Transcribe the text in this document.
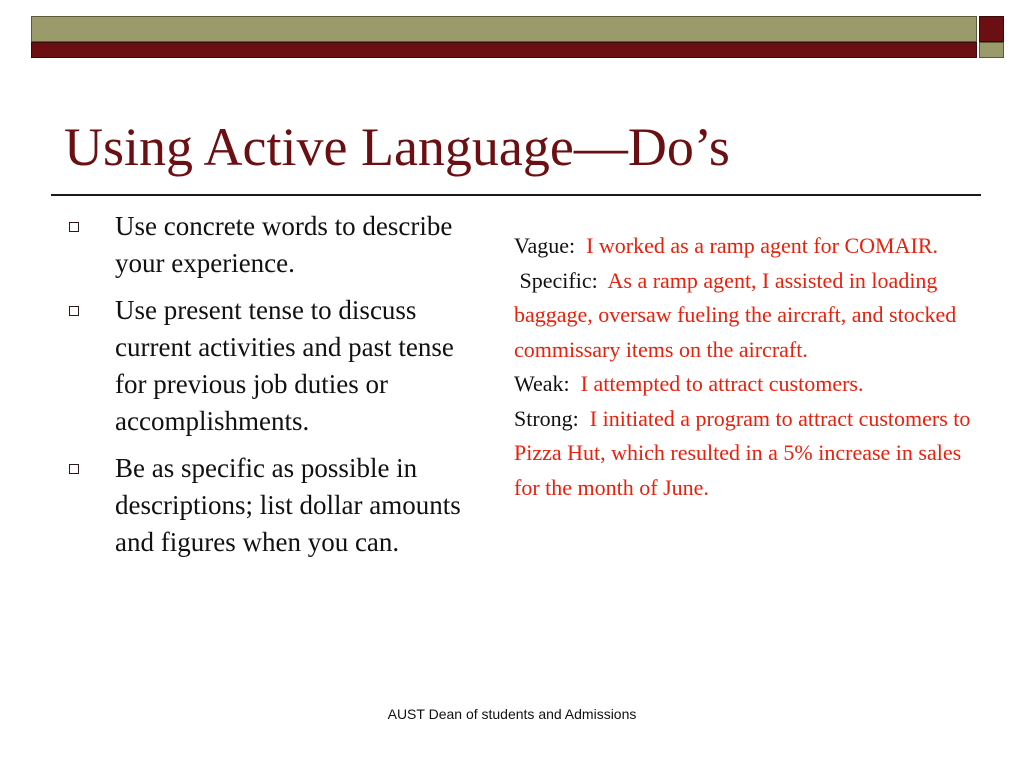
Using Active Language—Do’s
Use concrete words to describe your experience.
Use present tense to discuss current activities and past tense for previous job duties or accomplishments.
Be as specific as possible in descriptions; list dollar amounts and figures when you can.

Vague: I worked as a ramp agent for COMAIR.

Specific: As a ramp agent, I assisted in loading baggage, oversaw fueling the aircraft, and stocked commissary items on the aircraft.

Weak: I attempted to attract customers.

Strong: I initiated a program to attract customers to Pizza Hut, which resulted in a 5% increase in sales for the month of June.

AUST Dean of students and Admissions
